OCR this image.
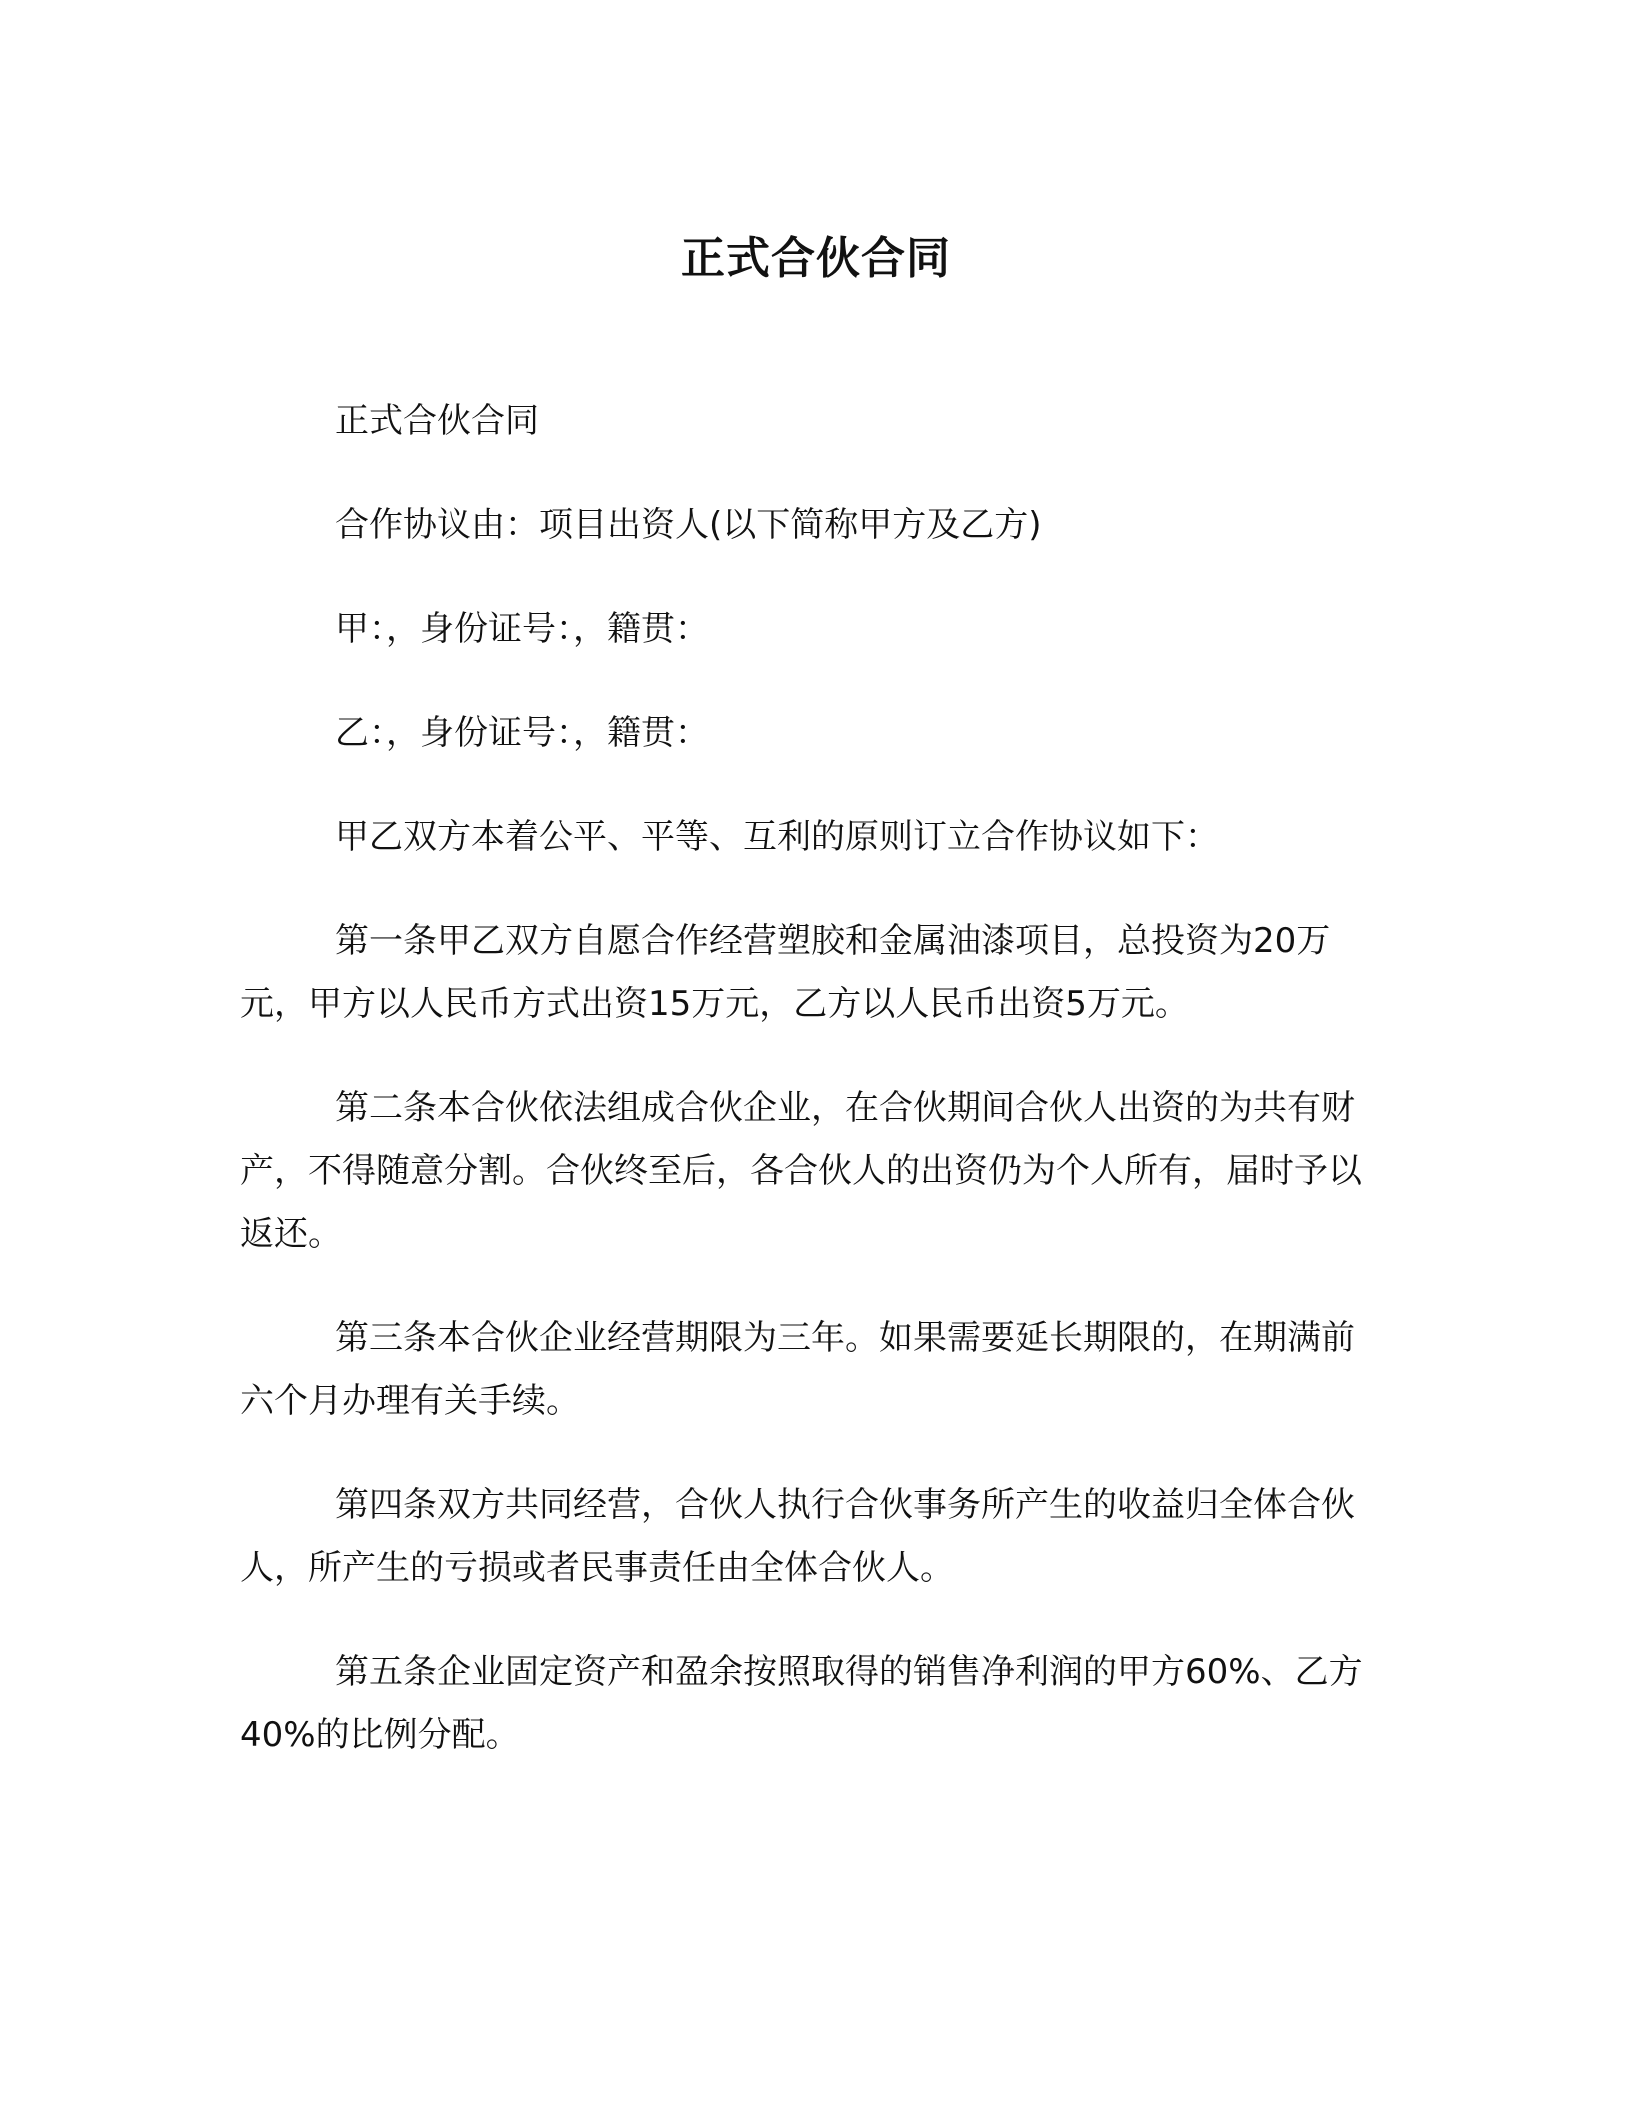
正式合伙合同

正式合伙合同

合作协议由：项目出资人(以下简称甲方及乙方)

甲：，身份证号：，籍贯：

乙：，身份证号：，籍贯：

甲乙双方本着公平、平等、互利的原则订立合作协议如下：

第一条甲乙双方自愿合作经营塑胶和金属油漆项目，总投资为20万元，甲方以人民币方式出资15万元，乙方以人民币出资5万元。

第二条本合伙依法组成合伙企业，在合伙期间合伙人出资的为共有财产，不得随意分割。合伙终至后，各合伙人的出资仍为个人所有，届时予以返还。

第三条本合伙企业经营期限为三年。如果需要延长期限的，在期满前六个月办理有关手续。

第四条双方共同经营，合伙人执行合伙事务所产生的收益归全体合伙人，所产生的亏损或者民事责任由全体合伙人。

第五条企业固定资产和盈余按照取得的销售净利润的甲方60%、乙方40%的比例分配。
